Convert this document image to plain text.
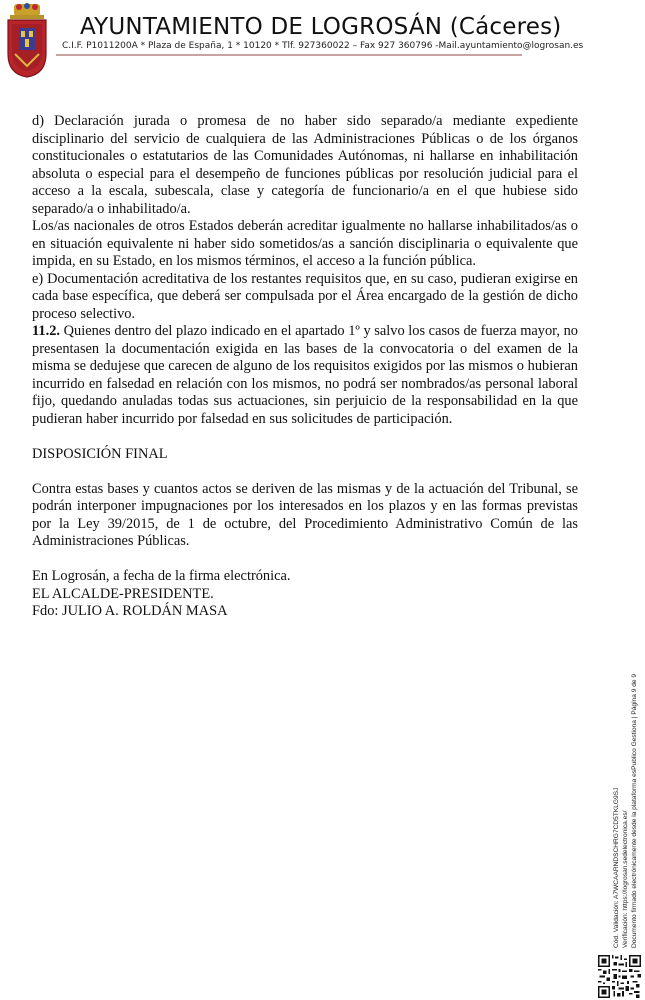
AYUNTAMIENTO DE LOGROSÁN (Cáceres)
C.I.F. P1011200A * Plaza de España, 1 * 10120 * Tlf. 927360022 – Fax 927 360796 -Mail.ayuntamiento@logrosan.es

d) Declaración jurada o promesa de no haber sido separado/a mediante expediente disciplinario del servicio de cualquiera de las Administraciones Públicas o de los órganos constitucionales o estatutarios de las Comunidades Autónomas, ni hallarse en inhabilitación absoluta o especial para el desempeño de funciones públicas por resolución judicial para el acceso a la escala, subescala, clase y categoría de funcionario/a en el que hubiese sido separado/a o inhabilitado/a.

Los/as nacionales de otros Estados deberán acreditar igualmente no hallarse inhabilitados/as o en situación equivalente ni haber sido sometidos/as a sanción disciplinaria o equivalente que impida, en su Estado, en los mismos términos, el acceso a la función pública.

e) Documentación acreditativa de los restantes requisitos que, en su caso, pudieran exigirse en cada base específica, que deberá ser compulsada por el Área encargado de la gestión de dicho proceso selectivo.

11.2. Quienes dentro del plazo indicado en el apartado 1º y salvo los casos de fuerza mayor, no presentasen la documentación exigida en las bases de la convocatoria o del examen de la misma se dedujese que carecen de alguno de los requisitos exigidos por las mismos o hubieran incurrido en falsedad en relación con los mismos, no podrá ser nombrados/as personal laboral fijo, quedando anuladas todas sus actuaciones, sin perjuicio de la responsabilidad en la que pudieran haber incurrido por falsedad en sus solicitudes de participación.

DISPOSICIÓN FINAL

Contra estas bases y cuantos actos se deriven de las mismas y de la actuación del Tribunal, se podrán interponer impugnaciones por los interesados en los plazos y en las formas previstas por la Ley 39/2015, de 1 de octubre, del Procedimiento Administrativo Común de las Administraciones Públicas.

En Logrosán, a fecha de la firma electrónica.

EL ALCALDE-PRESIDENTE.

Fdo: JULIO A. ROLDÁN MASA

Cód. Validación: A7WCAARNDSCHRG7CD5TKLG9SJ Verificación: https://logrosan.sedelectronica.es/ Documento firmado electrónicamente desde la plataforma esPublico Gestiona | Página 9 de 9
